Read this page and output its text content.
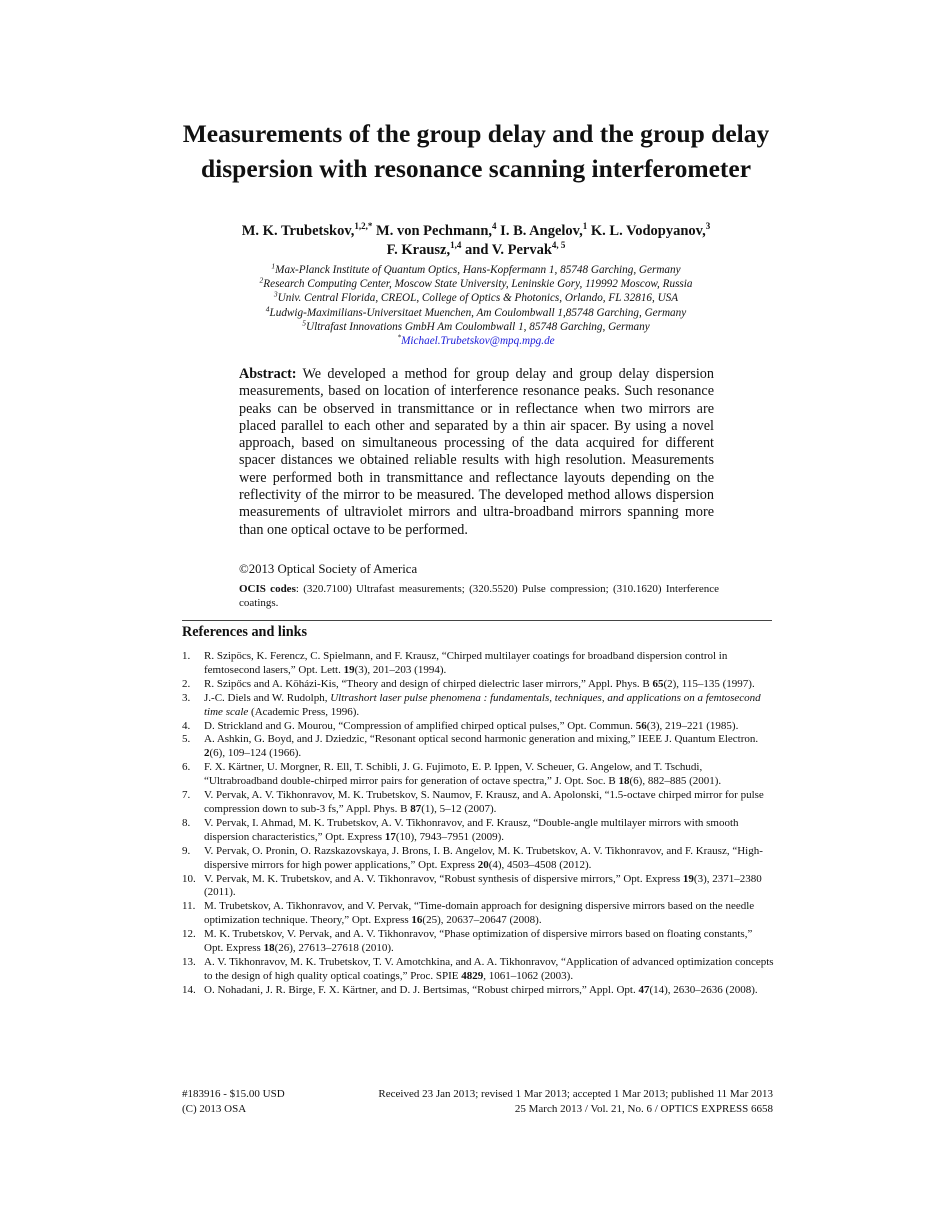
Measurements of the group delay and the group delay dispersion with resonance scanning interferometer
M. K. Trubetskov,$^{1,2,*}$ M. von Pechmann,$^4$ I. B. Angelov,$^1$ K. L. Vodopyanov,$^3$
F. Krausz,$^{1,4}$ and V. Pervak$^{4, 5}$
$^1$Max-Planck Institute of Quantum Optics, Hans-Kopfermann 1, 85748 Garching, Germany
$^2$Research Computing Center, Moscow State University, Leninskie Gory, 119992 Moscow, Russia
$^3$Univ. Central Florida, CREOL, College of Optics & Photonics, Orlando, FL 32816, USA
$^4$Ludwig-Maximilians-Universitaet Muenchen, Am Coulombwall 1,85748 Garching, Germany
$^5$Ultrafast Innovations GmbH Am Coulombwall 1, 85748 Garching, Germany
*Michael.Trubetskov@mpq.mpg.de

Abstract: We developed a method for group delay and group delay dispersion measurements, based on location of interference resonance peaks. Such resonance peaks can be observed in transmittance or in reflectance when two mirrors are placed parallel to each other and separated by a thin air spacer. By using a novel approach, based on simultaneous processing of the data acquired for different spacer distances we obtained reliable results with high resolution. Measurements were performed both in transmittance and reflectance layouts depending on the reflectivity of the mirror to be measured. The developed method allows dispersion measurements of ultraviolet mirrors and ultra-broadband mirrors spanning more than one optical octave to be performed.

©2013 Optical Society of America

OCIS codes: (320.7100) Ultrafast measurements; (320.5520) Pulse compression; (310.1620) Interference coatings.

References and links
1.	R. Szipöcs, K. Ferencz, C. Spielmann, and F. Krausz, “Chirped multilayer coatings for broadband dispersion control in femtosecond lasers,” Opt. Lett. 19(3), 201–203 (1994).
2.	R. Szipőcs and A. Köházi-Kis, “Theory and design of chirped dielectric laser mirrors,” Appl. Phys. B 65(2), 115–135 (1997).
3.	J.-C. Diels and W. Rudolph, Ultrashort laser pulse phenomena : fundamentals, techniques, and applications on a femtosecond time scale (Academic Press, 1996).
4.	D. Strickland and G. Mourou, “Compression of amplified chirped optical pulses,” Opt. Commun. 56(3), 219–221 (1985).
5.	A. Ashkin, G. Boyd, and J. Dziedzic, “Resonant optical second harmonic generation and mixing,” IEEE J. Quantum Electron. 2(6), 109–124 (1966).
6.	F. X. Kärtner, U. Morgner, R. Ell, T. Schibli, J. G. Fujimoto, E. P. Ippen, V. Scheuer, G. Angelow, and T. Tschudi, “Ultrabroadband double-chirped mirror pairs for generation of octave spectra,” J. Opt. Soc. B 18(6), 882–885 (2001).
7.	V. Pervak, A. V. Tikhonravov, M. K. Trubetskov, S. Naumov, F. Krausz, and A. Apolonski, “1.5-octave chirped mirror for pulse compression down to sub-3 fs,” Appl. Phys. B 87(1), 5–12 (2007).
8.	V. Pervak, I. Ahmad, M. K. Trubetskov, A. V. Tikhonravov, and F. Krausz, “Double-angle multilayer mirrors with smooth dispersion characteristics,” Opt. Express 17(10), 7943–7951 (2009).
9.	V. Pervak, O. Pronin, O. Razskazovskaya, J. Brons, I. B. Angelov, M. K. Trubetskov, A. V. Tikhonravov, and F. Krausz, “High-dispersive mirrors for high power applications,” Opt. Express 20(4), 4503–4508 (2012).
10. V. Pervak, M. K. Trubetskov, and A. V. Tikhonravov, “Robust synthesis of dispersive mirrors,” Opt. Express 19(3), 2371–2380 (2011).
11. M. Trubetskov, A. Tikhonravov, and V. Pervak, “Time-domain approach for designing dispersive mirrors based on the needle optimization technique. Theory,” Opt. Express 16(25), 20637–20647 (2008).
12. M. K. Trubetskov, V. Pervak, and A. V. Tikhonravov, “Phase optimization of dispersive mirrors based on floating constants,” Opt. Express 18(26), 27613–27618 (2010).
13. A. V. Tikhonravov, M. K. Trubetskov, T. V. Amotchkina, and A. A. Tikhonravov, “Application of advanced optimization concepts to the design of high quality optical coatings,” Proc. SPIE 4829, 1061–1062 (2003).
14. O. Nohadani, J. R. Birge, F. X. Kärtner, and D. J. Bertsimas, “Robust chirped mirrors,” Appl. Opt. 47(14), 2630–2636 (2008).
#183916 - $15.00 USD
(C) 2013 OSA
Received 23 Jan 2013; revised 1 Mar 2013; accepted 1 Mar 2013; published 11 Mar 2013
25 March 2013 / Vol. 21, No. 6 / OPTICS EXPRESS 6658
